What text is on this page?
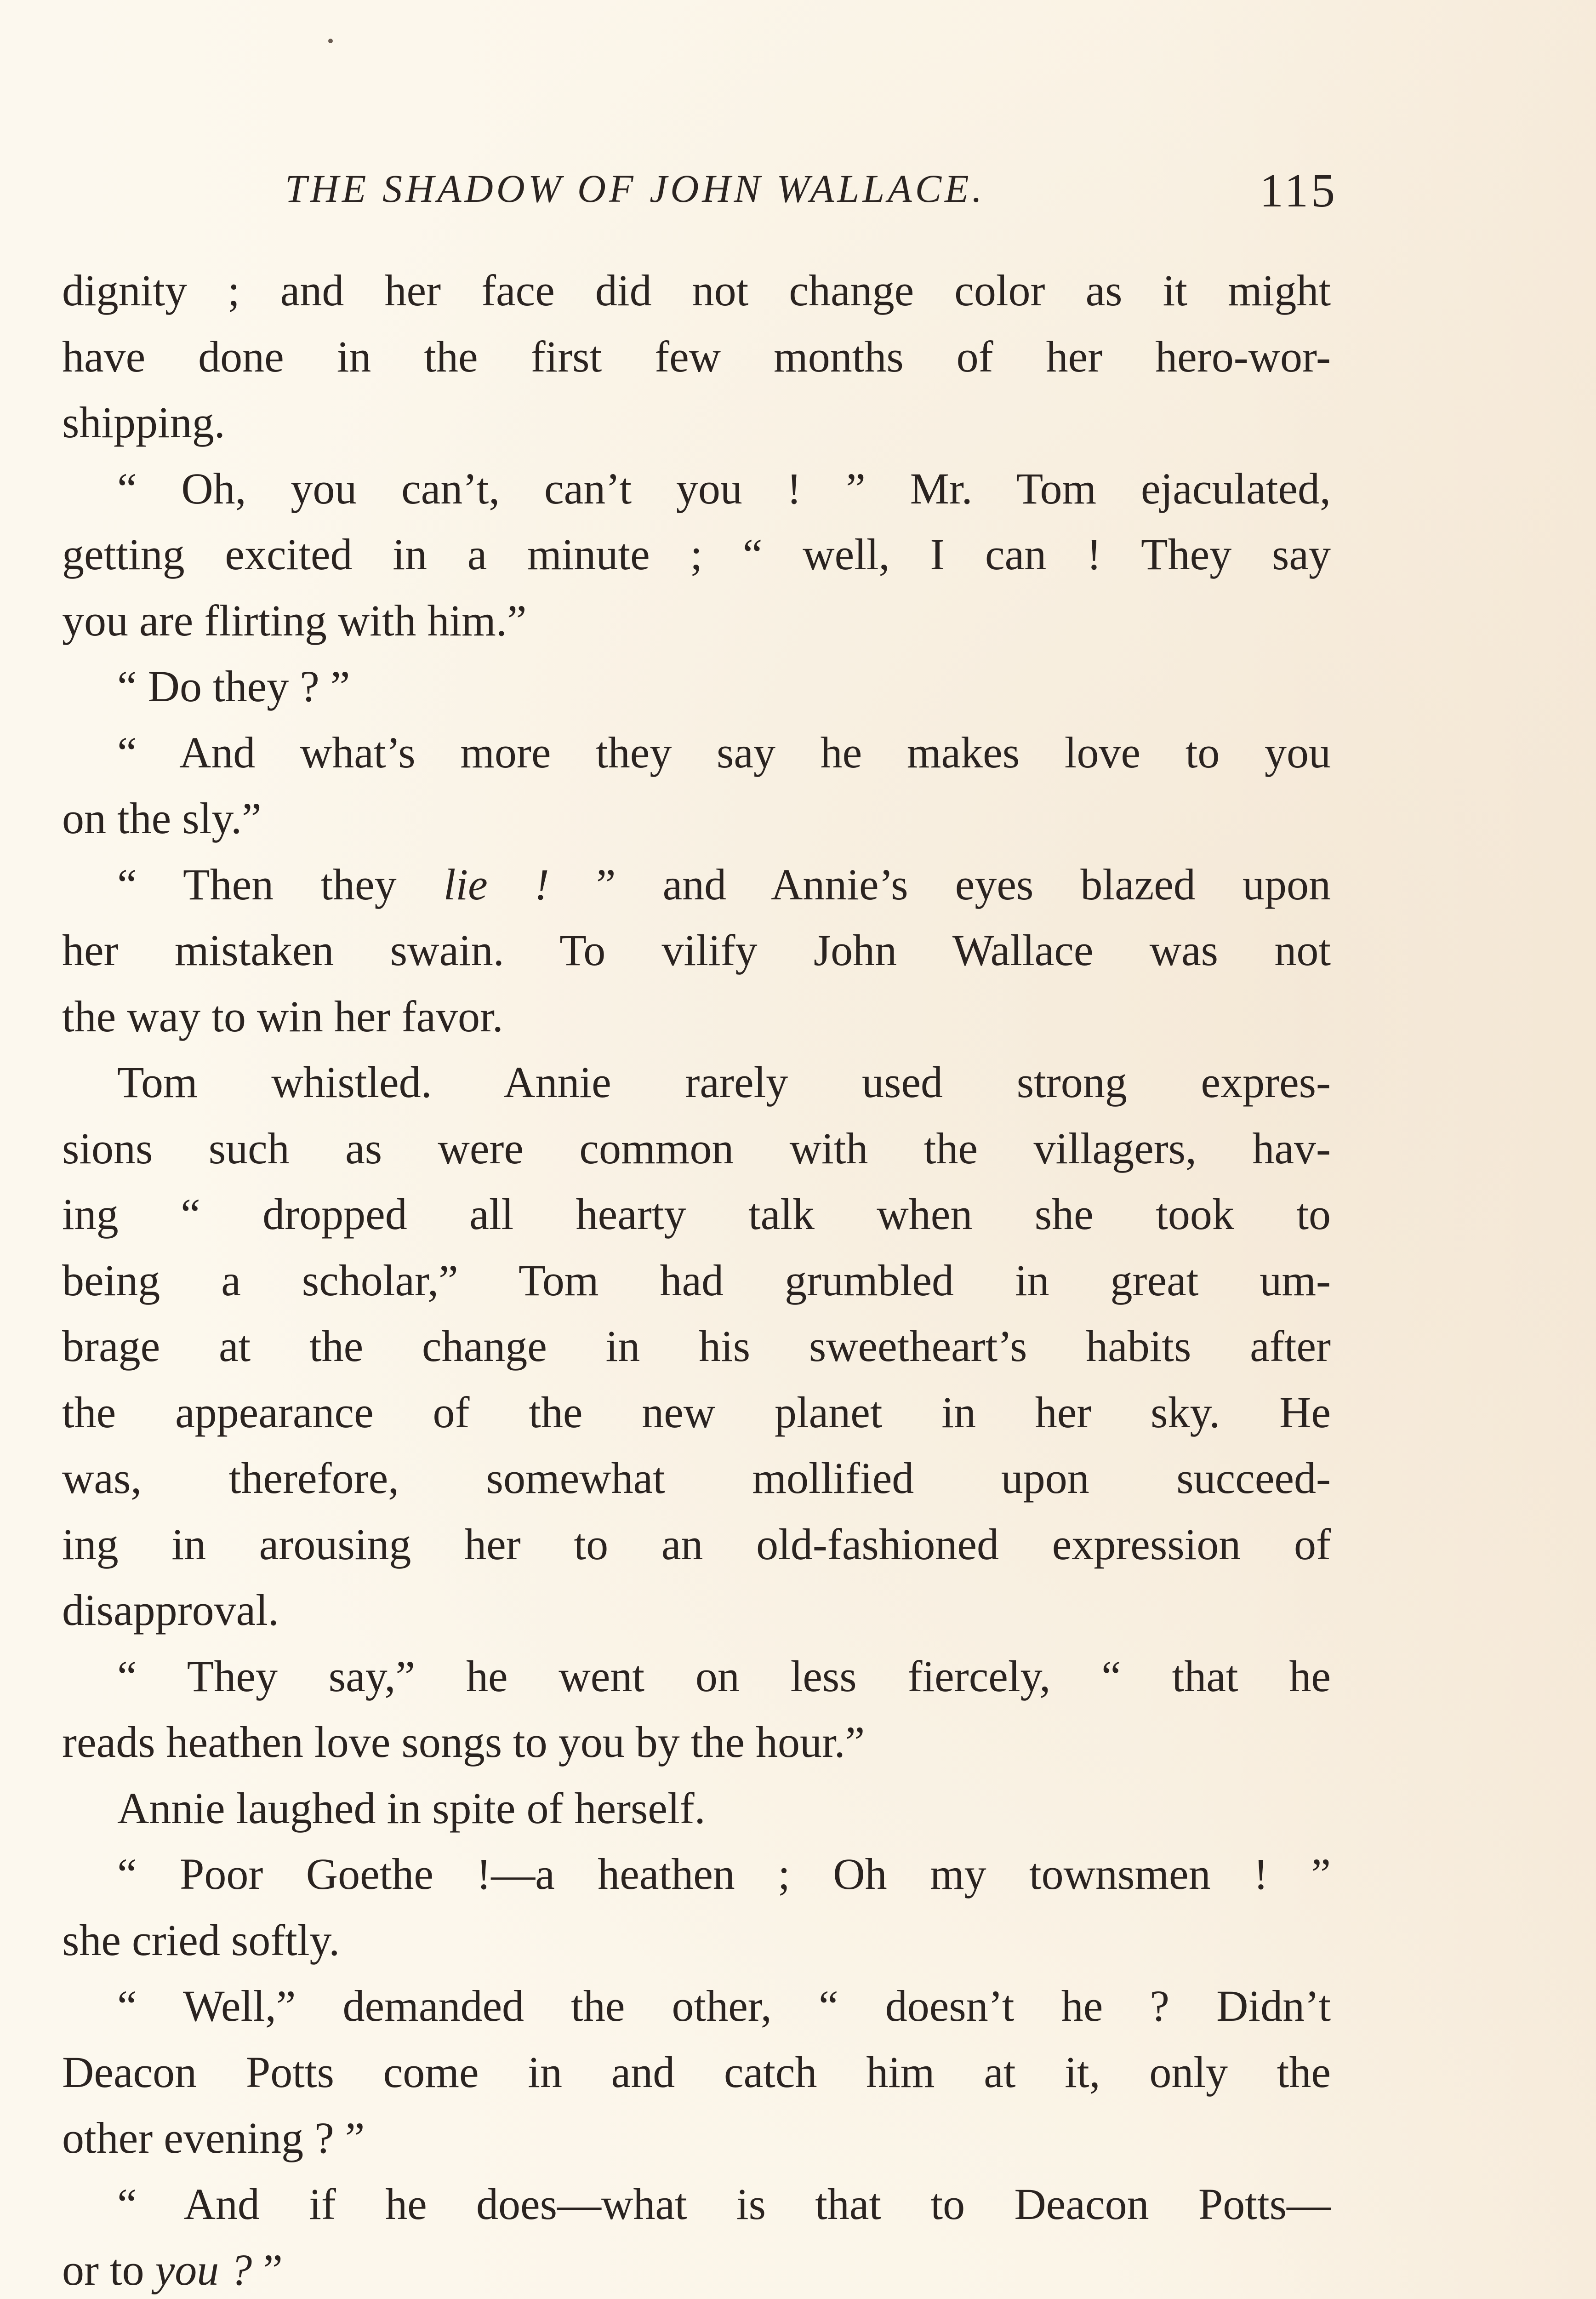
THE SHADOW OF JOHN WALLACE.	115
dignity ; and her face did not change color as it might
have done in the first few months of her hero-wor-
shipping.
“ Oh, you can’t, can’t you ! ” Mr. Tom ejaculated,
getting excited in a minute ; “ well, I can ! They say
you are flirting with him.”
“ Do they ? ”
“ And what’s more they say he makes love to you
on the sly.”
“ Then they lie ! ” and Annie’s eyes blazed upon
her mistaken swain. To vilify John Wallace was not
the way to win her favor.
Tom whistled. Annie rarely used strong expres-
sions such as were common with the villagers, hav-
ing “ dropped all hearty talk when she took to
being a scholar,” Tom had grumbled in great um-
brage at the change in his sweetheart’s habits after
the appearance of the new planet in her sky. He
was, therefore, somewhat mollified upon succeed-
ing in arousing her to an old-fashioned expression of
disapproval.
“ They say,” he went on less fiercely, “ that he
reads heathen love songs to you by the hour.”
Annie laughed in spite of herself.
“ Poor Goethe !—a heathen ; Oh my townsmen ! ”
she cried softly.
“ Well,” demanded the other, “ doesn’t he ? Didn’t
Deacon Potts come in and catch him at it, only the
other evening ? ”
“ And if he does—what is that to Deacon Potts—
or to you ? ”
